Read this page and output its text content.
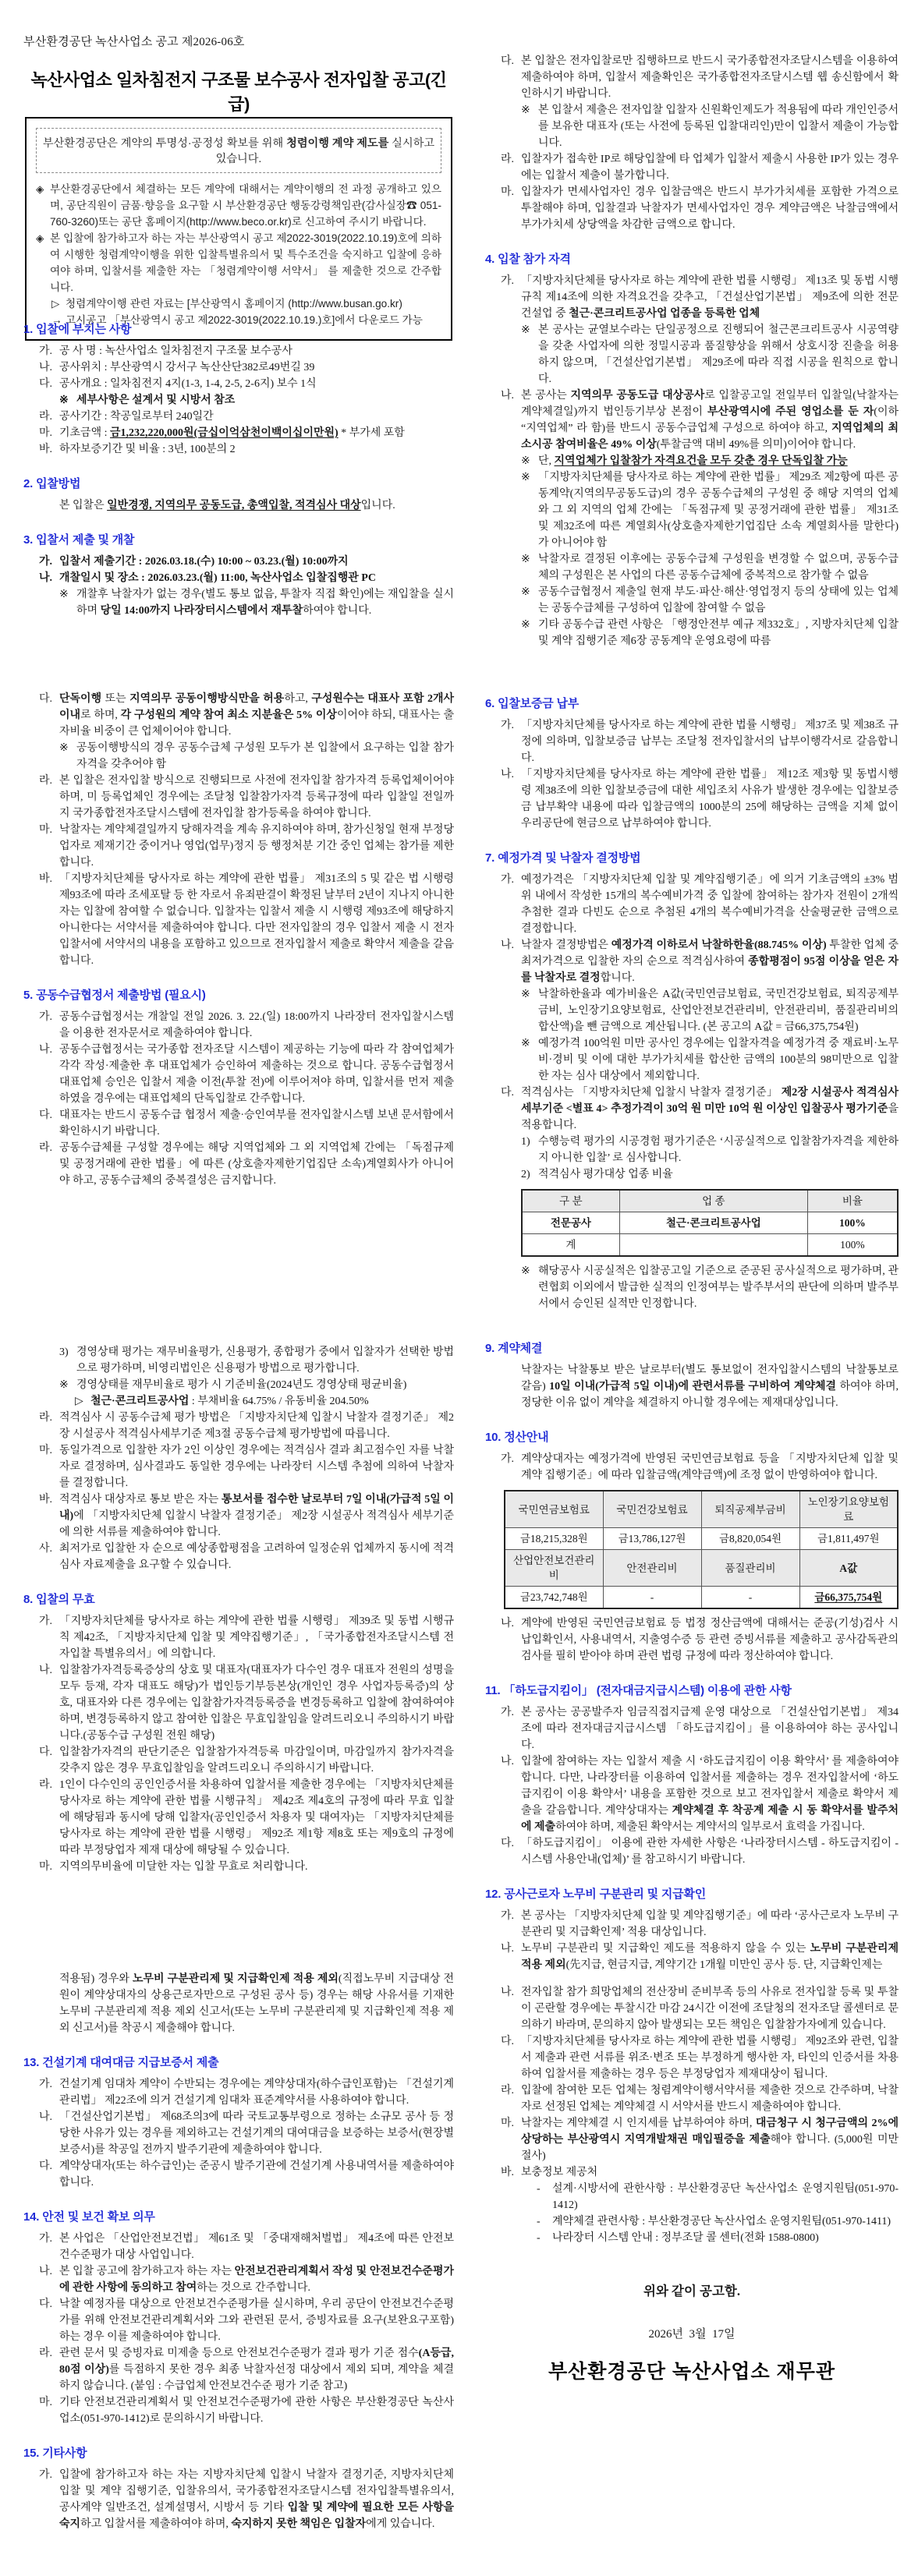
부산환경공단 녹산사업소 공고 제2026-06호
녹산사업소 일차침전지 구조물 보수공사 전자입찰 공고(긴급)
부산환경공단은 계약의 투명성·공정성 확보를 위해 청렴이행 계약 제도를 실시하고 있습니다.
◈ 부산환경공단에서 체결하는 모든 계약에 대해서는 계약이행의 전 과정 공개하고 있으며, 공단직원이 금품·향응을 요구할 시 부산환경공단 행동강령책임관(감사실장☎ 051-760-3260)또는 공단 홈페이지(http://www.beco.or.kr)로 신고하여 주시기 바랍니다.
◈ 본 입찰에 참가하고자 하는 자는 부산광역시 공고 제2022-3019(2022.10.19)호에 의하여 시행한 청렴계약이행을 위한 입찰특별유의서 및 특수조건을 숙지하고 입찰에 응하여야 하며, 입찰서를 제출한 자는 「청렴계약이행 서약서」 를 제출한 것으로 간주합니다.
▷ 청렴계약이행 관련 자료는 [부산광역시 홈페이지 (http://www.busan.go.kr)
→ 고시공고 「부산광역시 공고 제2022-3019(2022.10.19.)호]에서 다운로드 가능
1. 입찰에 부치는 사항
가. 공 사 명 : 녹산사업소 일차침전지 구조물 보수공사
나. 공사위치 : 부산광역시 강서구 녹산산단382로49번길 39
다. 공사개요 : 일차침전지 4지(1-3, 1-4, 2-5, 2-6지) 보수 1식
※ 세부사항은 설계서 및 시방서 참조
라. 공사기간 : 착공일로부터 240일간
마. 기초금액 : 금1,232,220,000원(금십이억삼천이백이십이만원) * 부가세 포함
바. 하자보증기간 및 비율 : 3년, 100분의 2
2. 입찰방법
본 입찰은 일반경쟁, 지역의무 공동도급, 총액입찰, 적격심사 대상입니다.
3. 입찰서 제출 및 개찰
가. 입찰서 제출기간 : 2026.03.18.(수) 10:00 ~ 03.23.(월) 10:00까지
나. 개찰일시 및 장소 : 2026.03.23.(월) 11:00, 녹산사업소 입찰집행관 PC
※ 개찰후 낙찰자가 없는 경우(별도 통보 없음, 투찰자 직접 확인)에는 재입찰을 실시하며 당일 14:00까지 나라장터시스템에서 재투찰하여야 합니다.
다. 단독이행 또는 지역의무 공동이행방식만을 허용하고, 구성원수는 대표사 포함 2개사 이내로 하며, 각 구성원의 계약 참여 최소 지분율은 5% 이상이어야 하되, 대표사는 출자비율 비중이 큰 업체이어야 합니다.
※ 공동이행방식의 경우 공동수급체 구성원 모두가 본 입찰에서 요구하는 입찰 참가자격을 갖추어야 함
라. 본 입찰은 전자입찰 방식으로 진행되므로 사전에 전자입찰 참가자격 등록업체이어야 하며, 미 등록업체인 경우에는 조달청 입찰참가자격 등록규정에 따라 입찰일 전일까지 국가종합전자조달시스템에 전자입찰 참가등록을 하여야 합니다.
마. 낙찰자는 계약체결일까지 당해자격을 계속 유지하여야 하며, 참가신청일 현재 부정당업자로 제재기간 중이거나 영업(업무)정지 등 행정처분 기간 중인 업체는 참가를 제한합니다.
바. 「지방자치단체를 당사자로 하는 계약에 관한 법률」 제31조의 5 및 같은 법 시행령 제93조에 따라 조세포탈 등 한 자로서 유죄판결이 확정된 날부터 2년이 지나지 아니한 자는 입찰에 참여할 수 없습니다. 입찰자는 입찰서 제출 시 시행령 제93조에 해당하지 아니한다는 서약서를 제출하여야 합니다. 다만 전자입찰의 경우 입찰서 제출 시 전자입찰서에 서약서의 내용을 포함하고 있으므로 전자입찰서 제출로 확약서 제출을 갈음합니다.
5. 공동수급협정서 제출방법 (필요시)
가. 공동수급협정서는 개찰일 전일 2026. 3. 22.(일) 18:00까지 나라장터 전자입찰시스템을 이용한 전자문서로 제출하여야 합니다.
나. 공동수급협정서는 국가종합 전자조달 시스템이 제공하는 기능에 따라 각 참여업체가 각각 작성·제출한 후 대표업체가 승인하여 제출하는 것으로 합니다. 공동수급협정서 대표업체 승인은 입찰서 제출 이전(투찰 전)에 이루어져야 하며, 입찰서를 먼저 제출하였을 경우에는 대표업체의 단독입찰로 간주합니다.
다. 대표자는 반드시 공동수급 협정서 제출·승인여부를 전자입찰시스템 보낸 문서함에서 확인하시기 바랍니다.
라. 공동수급체를 구성할 경우에는 해당 지역업체와 그 외 지역업체 간에는 「독점규제 및 공정거래에 관한 법률」에 따른 (상호출자제한기업집단 소속)계열회사가 아니어야 하고, 공동수급체의 중복결성은 금지합니다.
3) 경영상태 평가는 재무비율평가, 신용평가, 종합평가 중에서 입찰자가 선택한 방법으로 평가하며, 비영리법인은 신용평가 방법으로 평가합니다.
※ 경영상태를 재무비율로 평가 시 기준비율(2024년도 경영상태 평균비율)
▷ 철근·콘크리트공사업 : 부채비율 64.75% / 유동비율 204.50%
라. 적격심사 시 공동수급체 평가 방법은 「지방자치단체 입찰시 낙찰자 결정기준」 제2장 시설공사 적격심사세부기준 제3절 공동수급체 평가방법에 따릅니다.
마. 동일가격으로 입찰한 자가 2인 이상인 경우에는 적격심사 결과 최고점수인 자를 낙찰자로 결정하며, 심사결과도 동일한 경우에는 나라장터 시스템 추첨에 의하여 낙찰자를 결정합니다.
바. 적격심사 대상자로 통보 받은 자는 통보서를 접수한 날로부터 7일 이내(가급적 5일 이내)에 「지방자치단체 입찰시 낙찰자 결정기준」 제2장 시설공사 적격심사 세부기준에 의한 서류를 제출하여야 합니다.
사. 최저가로 입찰한 자 순으로 예상종합평점을 고려하여 일정순위 업체까지 동시에 적격심사 자료제출을 요구할 수 있습니다.
8. 입찰의 무효
가. 「지방자치단체를 당사자로 하는 계약에 관한 법률 시행령」 제39조 및 동법 시행규칙 제42조, 「지방자치단체 입찰 및 계약집행기준」, 「국가종합전자조달시스템 전자입찰 특별유의서」에 의합니다.
나. 입찰참가자격등록증상의 상호 및 대표자(대표자가 다수인 경우 대표자 전원의 성명을 모두 등재, 각자 대표도 해당)가 법인등기부등본상(개인인 경우 사업자등록증)의 상호, 대표자와 다른 경우에는 입찰참가자격등록증을 변경등록하고 입찰에 참여하여야 하며, 변경등록하지 않고 참여한 입찰은 무효입찰임을 알려드리오니 주의하시기 바랍니다.(공동수급 구성원 전원 해당)
다. 입찰참가자격의 판단기준은 입찰참가자격등록 마감일이며, 마감일까지 참가자격을 갖추지 않은 경우 무효입찰임을 알려드리오니 주의하시기 바랍니다.
라. 1인이 다수인의 공인인증서를 차용하여 입찰서를 제출한 경우에는 「지방자치단체를 당사자로 하는 계약에 관한 법률 시행규칙」 제42조 제4호의 규정에 따라 무효 입찰에 해당됨과 동시에 당해 입찰자(공인인증서 차용자 및 대여자)는 「지방자치단체를 당사자로 하는 계약에 관한 법률 시행령」 제92조 제1항 제8호 또는 제9호의 규정에 따라 부정당업자 제재 대상에 해당될 수 있습니다.
마. 지역의무비율에 미달한 자는 입찰 무효로 처리합니다.
적용됨) 경우와 노무비 구분관리제 및 지급확인제 적용 제외(직접노무비 지급대상 전원이 계약상대자의 상용근로자만으로 구성된 공사 등) 경우는 해당 사유서를 기재한 노무비 구분관리제 적용 제외 신고서(또는 노무비 구분관리제 및 지급확인제 적용 제외 신고서)를 착공시 제출해야 합니다.
13. 건설기계 대여대금 지급보증서 제출
가. 건설기계 임대차 계약이 수반되는 경우에는 계약상대자(하수급인포함)는 「건설기계관리법」 제22조에 의거 건설기계 임대차 표준계약서를 사용하여야 합니다.
나. 「건설산업기본법」 제68조의3에 따라 국토교통부령으로 정하는 소규모 공사 등 정당한 사유가 있는 경우를 제외하고는 건설기계의 대여대금을 보증하는 보증서(현장별 보증서)를 착공일 전까지 발주기관에 제출하여야 합니다.
다. 계약상대자(또는 하수급인)는 준공시 발주기관에 건설기계 사용내역서를 제출하여야 합니다.
14. 안전 및 보건 확보 의무
가. 본 사업은 「산업안전보건법」 제61조 및 「중대재해처벌법」 제4조에 따른 안전보건수준평가 대상 사업입니다.
나. 본 입찰 공고에 참가하고자 하는 자는 안전보건관리계획서 작성 및 안전보건수준평가에 관한 사항에 동의하고 참여하는 것으로 간주합니다.
다. 낙찰 예정자를 대상으로 안전보건수준평가를 실시하며, 우리 공단이 안전보건수준평가를 위해 안전보건관리계획서와 그와 관련된 문서, 증빙자료를 요구(보완요구포함)하는 경우 이를 제출하여야 합니다.
라. 관련 문서 및 증빙자료 미제출 등으로 안전보건수준평가 결과 평가 기준 점수(A등급, 80점 이상)를 득점하지 못한 경우 최종 낙찰자선정 대상에서 제외 되며, 계약을 체결하지 않습니다. (붙임 : 수급업체 안전보건수준 평가 기준 참고)
마. 기타 안전보건관리계획서 및 안전보건수준평가에 관한 사항은 부산환경공단 녹산사업소(051-970-1412)로 문의하시기 바랍니다.
15. 기타사항
가. 입찰에 참가하고자 하는 자는 지방자치단체 입찰시 낙찰자 결정기준, 지방자치단체 입찰 및 계약 집행기준, 입찰유의서, 국가종합전자조달시스템 전자입찰특별유의서, 공사계약 일반조건, 설계설명서, 시방서 등 기타 입찰 및 계약에 필요한 모든 사항을 숙지하고 입찰서를 제출하여야 하며, 숙지하지 못한 책임은 입찰자에게 있습니다.
위와 같이 공고함.
2026년  3월  17일
부산환경공단 녹산사업소 재무관
다. 본 입찰은 전자입찰로만 집행하므로 반드시 국가종합전자조달시스템을 이용하여 제출하여야 하며, 입찰서 제출확인은 국가종합전자조달시스템 웹 송신함에서 확인하시기 바랍니다.
※ 본 입찰서 제출은 전자입찰 입찰자 신원확인제도가 적용됨에 따라 개인인증서를 보유한 대표자 (또는 사전에 등록된 입찰대리인)만이 입찰서 제출이 가능합니다.
라. 입찰자가 접속한 IP로 해당입찰에 타 업체가 입찰서 제출시 사용한 IP가 있는 경우에는 입찰서 제출이 불가합니다.
마. 입찰자가 면세사업자인 경우 입찰금액은 반드시 부가가치세를 포함한 가격으로 투찰해야 하며, 입찰결과 낙찰자가 면세사업자인 경우 계약금액은 낙찰금액에서 부가가치세 상당액을 차감한 금액으로 합니다.
4. 입찰 참가 자격
가. 「지방자치단체를 당사자로 하는 계약에 관한 법률 시행령」 제13조 및 동법 시행규칙 제14조에 의한 자격요건을 갖추고, 「건설산업기본법」 제9조에 의한 전문건설업 중 철근·콘크리트공사업 업종을 등록한 업체
※ 본 공사는 균열보수라는 단일공정으로 진행되어 철근콘크리트공사 시공역량을 갖춘 사업자에 의한 정밀시공과 품질향상을 위해서 상호시장 진출을 허용하지 않으며, 「건설산업기본법」 제29조에 따라 직접 시공을 원칙으로 합니다.
나. 본 공사는 지역의무 공동도급 대상공사로 입찰공고일 전일부터 입찰일(낙찰자는 계약체결일)까지 법인등기부상 본점이 부산광역시에 주된 영업소를 둔 자(이하 “지역업체” 라 함)를 반드시 공동수급업체 구성으로 하여야 하고, 지역업체의 최소시공 참여비율은 49% 이상(투찰금액 대비 49%를 의미)이어야 합니다.
※ 단, 지역업체가 입찰참가 자격요건을 모두 갖춘 경우 단독입찰 가능
※ 「지방자치단체를 당사자로 하는 계약에 관한 법률」 제29조 제2항에 따른 공동계약(지역의무공동도급)의 경우 공동수급체의 구성원 중 해당 지역의 업체와 그 외 지역의 업체 간에는 「독점규제 및 공정거래에 관한 법률」 제31조 및 제32조에 따른 계열회사(상호출자제한기업집단 소속 계열회사를 말한다)가 아니어야 함
※ 낙찰자로 결정된 이후에는 공동수급체 구성원을 변경할 수 없으며, 공동수급체의 구성원은 본 사업의 다른 공동수급체에 중복적으로 참가할 수 없음
※ 공동수급협정서 제출일 현재 부도·파산·해산·영업정지 등의 상태에 있는 업체는 공동수급체를 구성하여 입찰에 참여할 수 없음
※ 기타 공동수급 관련 사항은 「행정안전부 예규 제332호」, 지방자치단체 입찰 및 계약 집행기준 제6장 공동계약 운영요령에 따름
6. 입찰보증금 납부
가. 「지방자치단체를 당사자로 하는 계약에 관한 법률 시행령」 제37조 및 제38조 규정에 의하며, 입찰보증금 납부는 조달청 전자입찰서의 납부이행각서로 갈음합니다.
나. 「지방자치단체를 당사자로 하는 계약에 관한 법률」 제12조 제3항 및 동법시행령 제38조에 의한 입찰보증금에 대한 세입조치 사유가 발생한 경우에는 입찰보증금 납부확약 내용에 따라 입찰금액의 1000분의 25에 해당하는 금액을 지체 없이 우리공단에 현금으로 납부하여야 합니다.
7. 예정가격 및 낙찰자 결정방법
가. 예정가격은 「지방자치단체 입찰 및 계약집행기준」에 의거 기초금액의 ±3% 범위 내에서 작성한 15개의 복수예비가격 중 입찰에 참여하는 참가자 전원이 2개씩 추첨한 결과 다빈도 순으로 추첨된 4개의 복수예비가격을 산술평균한 금액으로 결정합니다.
나. 낙찰자 결정방법은 예정가격 이하로서 낙찰하한율(88.745% 이상) 투찰한 업체 중 최저가격으로 입찰한 자의 순으로 적격심사하여 종합평점이 95점 이상을 얻은 자를 낙찰자로 결정합니다.
※ 낙찰하한율과 예가비율은 A값(국민연금보험료, 국민건강보험료, 퇴직공제부금비, 노인장기요양보험료, 산업안전보건관리비, 안전관리비, 품질관리비의 합산액)을 뺀 금액으로 계산됩니다. (본 공고의 A값 = 금66,375,754원)
※ 예정가격 100억원 미만 공사인 경우에는 입찰자격을 예정가격 중 재료비·노무비·경비 및 이에 대한 부가가치세를 합산한 금액의 100분의 98미만으로 입찰 한 자는 심사 대상에서 제외합니다.
다. 적격심사는 「지방자치단체 입찰시 낙찰자 결정기준」 제2장 시설공사 적격심사 세부기준 <별표 4> 추정가격이 30억 원 미만 10억 원 이상인 입찰공사 평가기준을 적용합니다.
1) 수행능력 평가의 시공경험 평가기준은 ‘시공실적으로 입찰참가자격을 제한하지 아니한 입찰’ 로 심사합니다.
2) 적격심사 평가대상 업종 비율
구 분	업 종	비율
전문공사	철근·콘크리트공사업	100%
계		100%
※ 해당공사 시공실적은 입찰공고일 기준으로 준공된 공사실적으로 평가하며, 관련협회 이외에서 발급한 실적의 인정여부는 발주부서의 판단에 의하며 발주부서에서 승인된 실적만 인정합니다.
9. 계약체결
낙찰자는 낙찰통보 받은 날로부터(별도 통보없이 전자입찰시스템의 낙찰통보로 갈음) 10일 이내(가급적 5일 이내)에 관련서류를 구비하여 계약체결 하여야 하며, 정당한 이유 없이 계약을 체결하지 아니할 경우에는 제재대상입니다.
10. 정산안내
가. 계약상대자는 예정가격에 반영된 국민연금보험료 등을 「지방자치단체 입찰 및 계약 집행기준」에 따라 입찰금액(계약금액)에 조정 없이 반영하여야 합니다.
국민연금보험료	국민건강보험료	퇴직공제부금비	노인장기요양보험료
금18,215,328원	금13,786,127원	금8,820,054원	금1,811,497원
산업안전보건관리비	안전관리비	품질관리비	A값
금23,742,748원	-	-	금66,375,754원
나. 계약에 반영된 국민연금보험료 등 법정 정산금액에 대해서는 준공(기성)검사 시 납입확인서, 사용내역서, 지출영수증 등 관련 증빙서류를 제출하고 공사감독관의 검사를 필히 받아야 하며 관련 법령 규정에 따라 정산하여야 합니다.
11. 「하도급지킴이」 (전자대금지급시스템) 이용에 관한 사항
가. 본 공사는 공공발주자 임금직접지급제 운영 대상으로 「건설산업기본법」 제34조에 따라 전자대금지급시스템 「하도급지킴이」를 이용하여야 하는 공사입니다.
나. 입찰에 참여하는 자는 입찰서 제출 시 ‘하도급지킴이 이용 확약서’ 를 제출하여야 합니다. 다만, 나라장터를 이용하여 입찰서를 제출하는 경우 전자입찰서에 ‘하도급지킴이 이용 확약서’ 내용을 포함한 것으로 보고 전자입찰서 제출로 확약서 제출을 갈음합니다. 계약상대자는 계약체결 후 착공계 제출 시 동 확약서를 발주처에 제출하여야 하며, 제출된 확약서는 계약서의 일부로서 효력을 가집니다.
다. 「하도급지킴이」 이용에 관한 자세한 사항은 ‘나라장터시스템 - 하도급지킴이 - 시스템 사용안내(업체)’ 를 참고하시기 바랍니다.
12. 공사근로자 노무비 구분관리 및 지급확인
가. 본 공사는 「지방자치단체 입찰 및 계약집행기준」에 따라 ‘공사근로자 노무비 구분관리 및 지급확인제’ 적용 대상입니다.
나. 노무비 구분관리 및 지급확인 제도를 적용하지 않을 수 있는 노무비 구분관리제 적용 제외(先지급, 현금지급, 계약기간 1개월 미만인 공사 등. 단, 지급확인제는
나. 전자입찰 참가 희망업체의 전산장비 준비부족 등의 사유로 전자입찰 등록 및 투찰이 곤란할 경우에는 투찰시간 마감 24시간 이전에 조달청의 전자조달 콜센터로 문의하기 바라며, 문의하지 않아 발생되는 모든 책임은 입찰참가자에게 있습니다.
다. 「지방자치단체를 당사자로 하는 계약에 관한 법률 시행령」 제92조와 관련, 입찰서 제출과 관련 서류를 위조·변조 또는 부정하게 행사한 자, 타인의 인증서를 차용하여 입찰서를 제출하는 경우 등은 부정당업자 제재대상이 됩니다.
라. 입찰에 참여한 모든 업체는 청렴계약이행서약서를 제출한 것으로 간주하며, 낙찰자로 선정된 업체는 계약체결 시 서약서를 반드시 제출하여야 합니다.
마. 낙찰자는 계약체결 시 인지세를 납부하여야 하며, 대금청구 시 청구금액의 2%에 상당하는 부산광역시 지역개발채권 매입필증을 제출해야 합니다. (5,000원 미만 절사)
바. 보충정보 제공처
-	설계·시방서에 관한사항 : 부산환경공단 녹산사업소 운영지원팀(051-970-1412)
-	계약체결 관련사항 : 부산환경공단 녹산사업소 운영지원팀(051-970-1411)
-	나라장터 시스템 안내 : 정부조달 콜 센터(전화 1588-0800)
